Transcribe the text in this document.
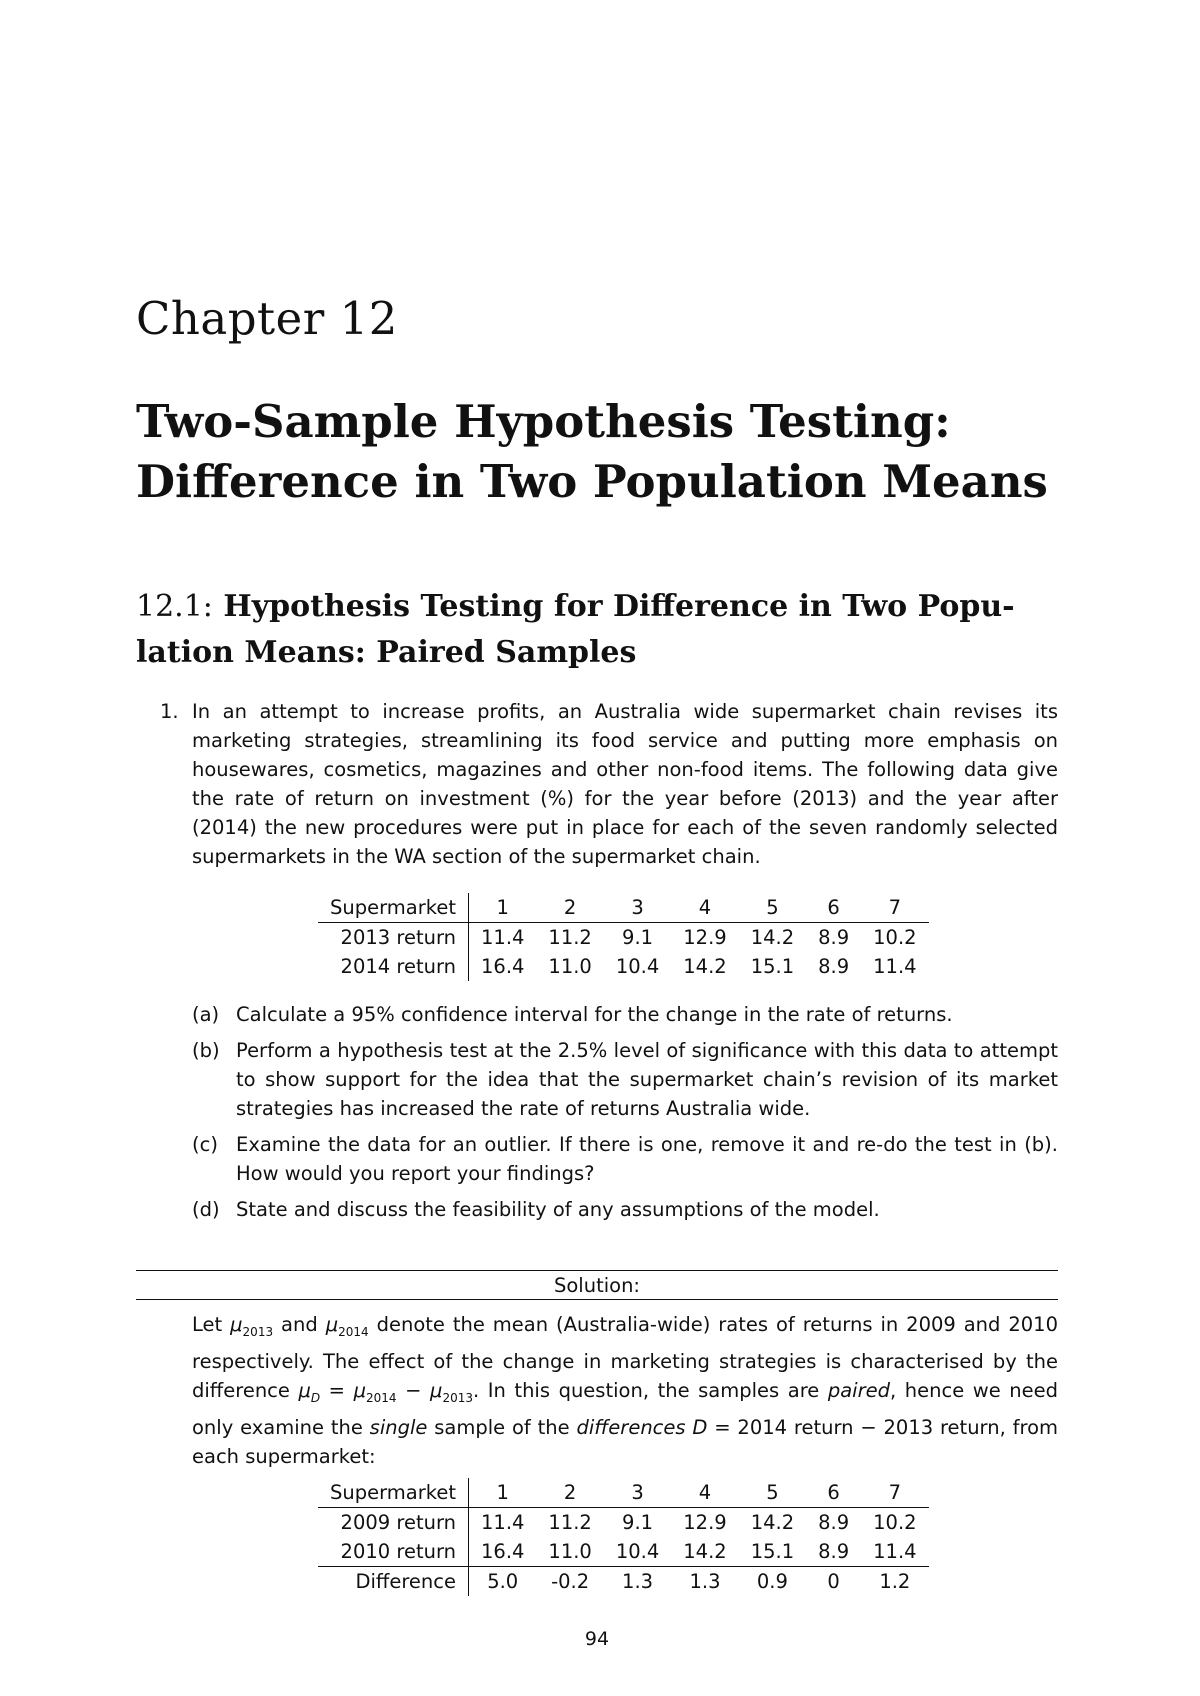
Chapter 12
Two-Sample Hypothesis Testing:
Difference in Two Population Means
12.1: Hypothesis Testing for Difference in Two Popu-
lation Means: Paired Samples
1. In an attempt to increase profits, an Australia wide supermarket chain revises its marketing strategies, streamlining its food service and putting more emphasis on housewares, cosmetics, magazines and other non-food items. The following data give the rate of return on investment (%) for the year before (2013) and the year after (2014) the new procedures were put in place for each of the seven randomly selected supermarkets in the WA section of the supermarket chain.
Supermarket	1	2	3	4	5	6	7
2013 return	11.4	11.2	9.1	12.9	14.2	8.9	10.2
2014 return	16.4	11.0	10.4	14.2	15.1	8.9	11.4
(a) Calculate a 95% confidence interval for the change in the rate of returns.
(b) Perform a hypothesis test at the 2.5% level of significance with this data to attempt to show support for the idea that the supermarket chain’s revision of its market strategies has increased the rate of returns Australia wide.
(c) Examine the data for an outlier. If there is one, remove it and re-do the test in (b). How would you report your findings?
(d) State and discuss the feasibility of any assumptions of the model.
Solution:
Let $\mu_{2013}$ and $\mu_{2014}$ denote the mean (Australia-wide) rates of returns in 2009 and 2010 respectively. The effect of the change in marketing strategies is characterised by the difference $\mu_D = \mu_{2014} - \mu_{2013}$. In this question, the samples are paired, hence we need only examine the single sample of the differences D = 2014 return − 2013 return, from each supermarket:
Supermarket	1	2	3	4	5	6	7
2009 return	11.4	11.2	9.1	12.9	14.2	8.9	10.2
2010 return	16.4	11.0	10.4	14.2	15.1	8.9	11.4
Difference	5.0	-0.2	1.3	1.3	0.9	0	1.2
94
